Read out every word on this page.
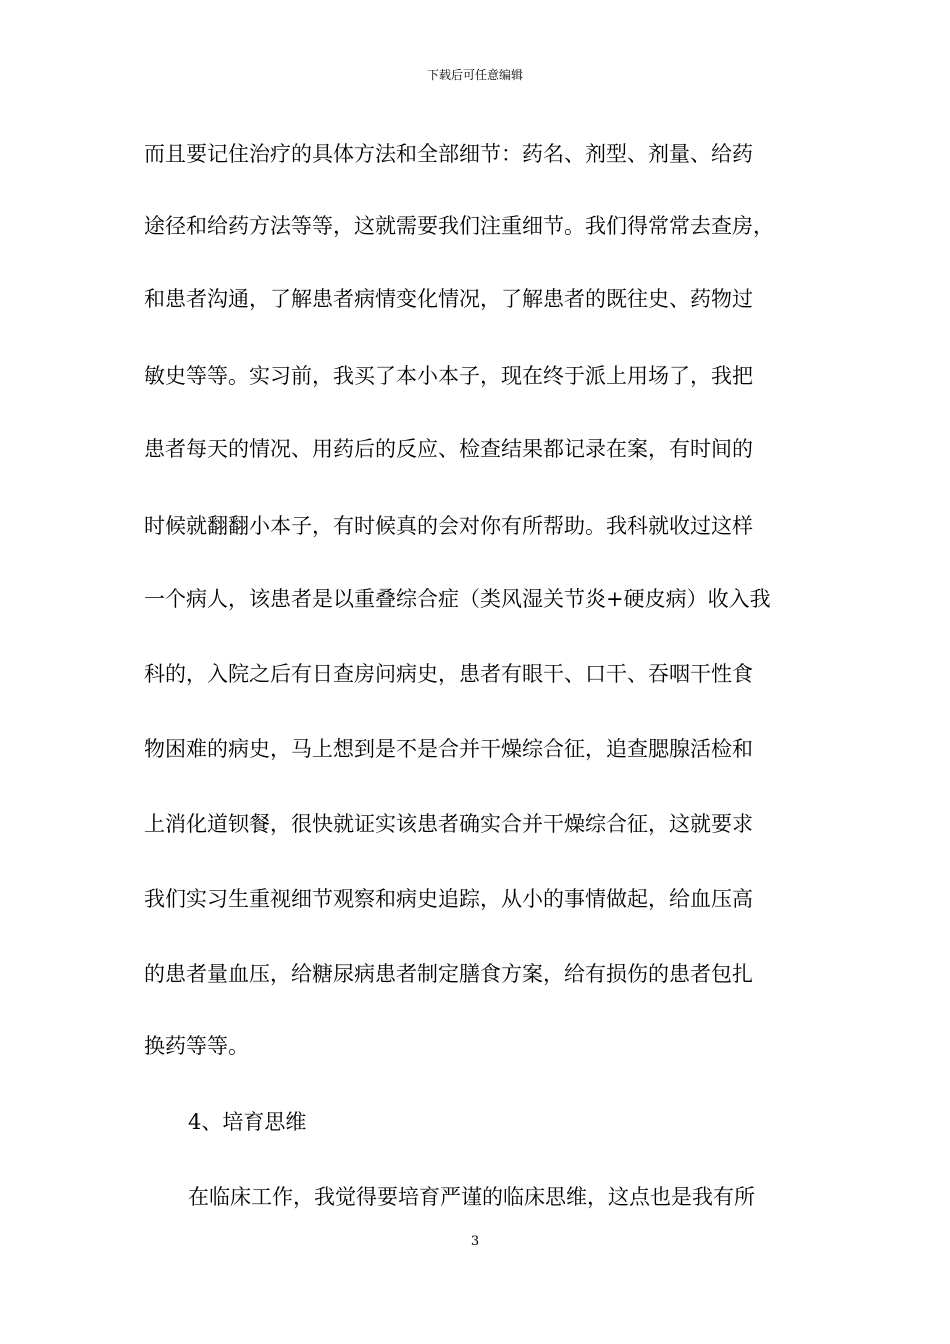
下载后可任意编辑
而且要记住治疗的具体方法和全部细节：药名、剂型、剂量、给药
途径和给药方法等等，这就需要我们注重细节。我们得常常去查房，
和患者沟通，了解患者病情变化情况，了解患者的既往史、药物过
敏史等等。实习前，我买了本小本子，现在终于派上用场了，我把
患者每天的情况、用药后的反应、检查结果都记录在案，有时间的
时候就翻翻小本子，有时候真的会对你有所帮助。我科就收过这样
一个病人，该患者是以重叠综合症（类风湿关节炎+硬皮病）收入我
科的，入院之后有日查房问病史，患者有眼干、口干、吞咽干性食
物困难的病史，马上想到是不是合并干燥综合征，追查腮腺活检和
上消化道钡餐，很快就证实该患者确实合并干燥综合征，这就要求
我们实习生重视细节观察和病史追踪，从小的事情做起，给血压高
的患者量血压，给糖尿病患者制定膳食方案，给有损伤的患者包扎
换药等等。
4、培育思维
在临床工作，我觉得要培育严谨的临床思维，这点也是我有所
3
